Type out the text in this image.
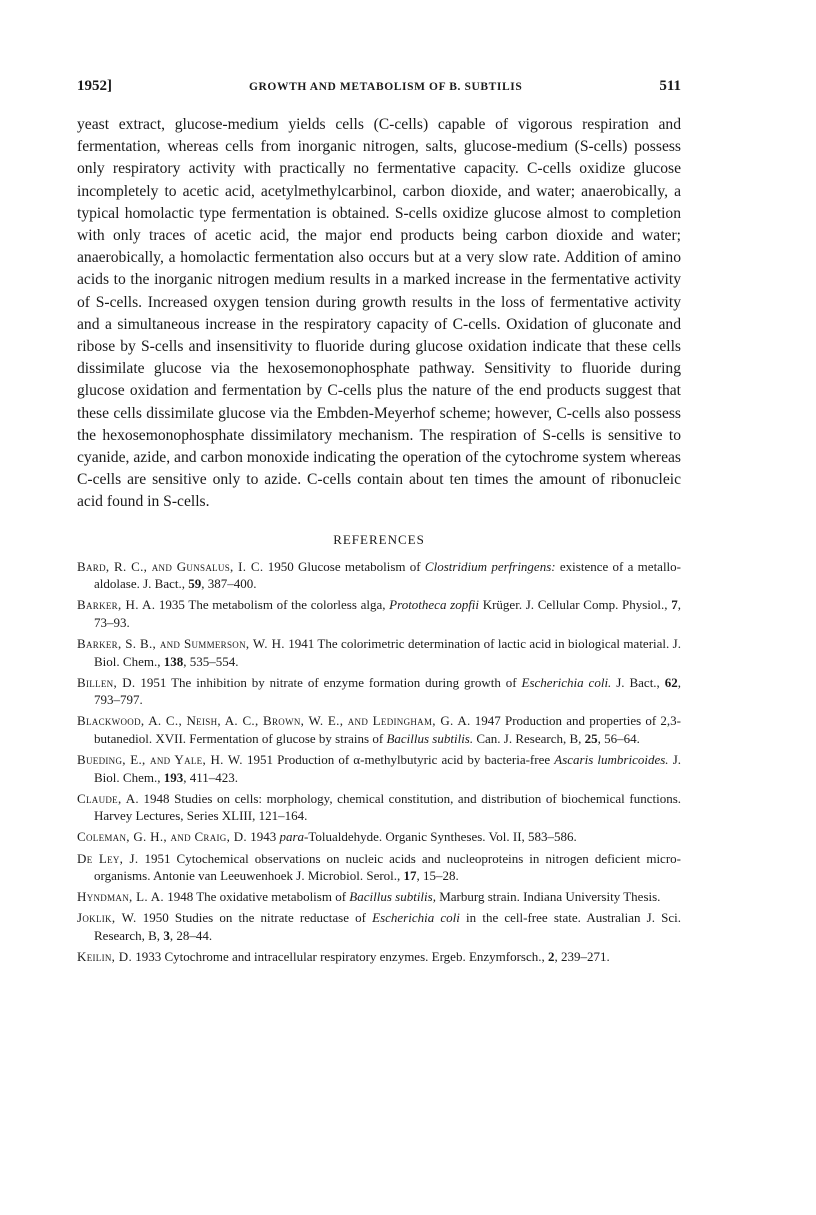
1952]	GROWTH AND METABOLISM OF B. SUBTILIS	511

yeast extract, glucose-medium yields cells (C-cells) capable of vigorous respiration and fermentation, whereas cells from inorganic nitrogen, salts, glucose-medium (S-cells) possess only respiratory activity with practically no fermentative capacity. C-cells oxidize glucose incompletely to acetic acid, acetylmethylcarbinol, carbon dioxide, and water; anaerobically, a typical homolactic type fermentation is obtained. S-cells oxidize glucose almost to completion with only traces of acetic acid, the major end products being carbon dioxide and water; anaerobically, a homolactic fermentation also occurs but at a very slow rate. Addition of amino acids to the inorganic nitrogen medium results in a marked increase in the fermentative activity of S-cells. Increased oxygen tension during growth results in the loss of fermentative activity and a simultaneous increase in the respiratory capacity of C-cells. Oxidation of gluconate and ribose by S-cells and insensitivity to fluoride during glucose oxidation indicate that these cells dissimilate glucose via the hexosemonophosphate pathway. Sensitivity to fluoride during glucose oxidation and fermentation by C-cells plus the nature of the end products suggest that these cells dissimilate glucose via the Embden-Meyerhof scheme; however, C-cells also possess the hexosemonophosphate dissimilatory mechanism. The respiration of S-cells is sensitive to cyanide, azide, and carbon monoxide indicating the operation of the cytochrome system whereas C-cells are sensitive only to azide. C-cells contain about ten times the amount of ribonucleic acid found in S-cells.

REFERENCES
Bard, R. C., and Gunsalus, I. C. 1950 Glucose metabolism of Clostridium perfringens: existence of a metallo-aldolase. J. Bact., 59, 387–400.
Barker, H. A. 1935 The metabolism of the colorless alga, Prototheca zopfii Krüger. J. Cellular Comp. Physiol., 7, 73–93.
Barker, S. B., and Summerson, W. H. 1941 The colorimetric determination of lactic acid in biological material. J. Biol. Chem., 138, 535–554.
Billen, D. 1951 The inhibition by nitrate of enzyme formation during growth of Escherichia coli. J. Bact., 62, 793–797.
Blackwood, A. C., Neish, A. C., Brown, W. E., and Ledingham, G. A. 1947 Production and properties of 2,3-butanediol. XVII. Fermentation of glucose by strains of Bacillus subtilis. Can. J. Research, B, 25, 56–64.
Bueding, E., and Yale, H. W. 1951 Production of α-methylbutyric acid by bacteria-free Ascaris lumbricoides. J. Biol. Chem., 193, 411–423.
Claude, A. 1948 Studies on cells: morphology, chemical constitution, and distribution of biochemical functions. Harvey Lectures, Series XLIII, 121–164.
Coleman, G. H., and Craig, D. 1943 para-Tolualdehyde. Organic Syntheses. Vol. II, 583–586.
De Ley, J. 1951 Cytochemical observations on nucleic acids and nucleoproteins in nitrogen deficient micro-organisms. Antonie van Leeuwenhoek J. Microbiol. Serol., 17, 15–28.
Hyndman, L. A. 1948 The oxidative metabolism of Bacillus subtilis, Marburg strain. Indiana University Thesis.
Joklik, W. 1950 Studies on the nitrate reductase of Escherichia coli in the cell-free state. Australian J. Sci. Research, B, 3, 28–44.
Keilin, D. 1933 Cytochrome and intracellular respiratory enzymes. Ergeb. Enzymforsch., 2, 239–271.
